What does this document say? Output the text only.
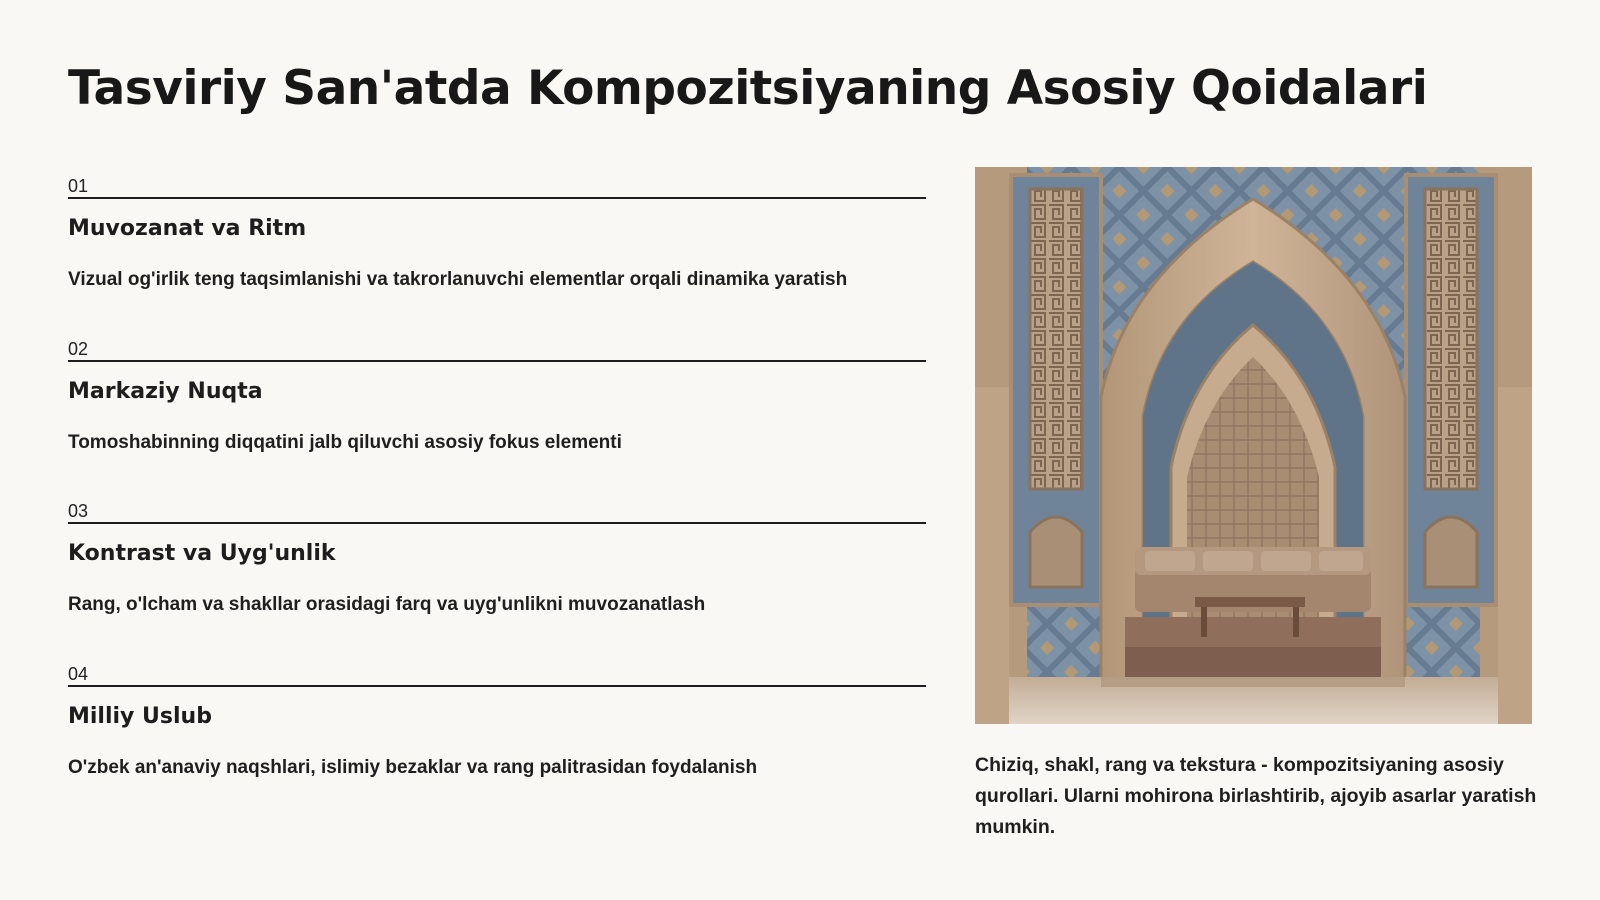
Tasviriy San'atda Kompozitsiyaning Asosiy Qoidalari
01
Muvozanat va Ritm

Vizual og'irlik teng taqsimlanishi va takrorlanuvchi elementlar orqali dinamika yaratish

02
Markaziy Nuqta

Tomoshabinning diqqatini jalb qiluvchi asosiy fokus elementi

03
Kontrast va Uyg'unlik

Rang, o'lcham va shakllar orasidagi farq va uyg'unlikni muvozanatlash

04
Milliy Uslub

O'zbek an'anaviy naqshlari, islimiy bezaklar va rang palitrasidan foydalanish	Chiziq, shakl, rang va tekstura - kompozitsiyaning asosiy qurollari. Ularni mohirona birlashtirib, ajoyib asarlar yaratish mumkin.
